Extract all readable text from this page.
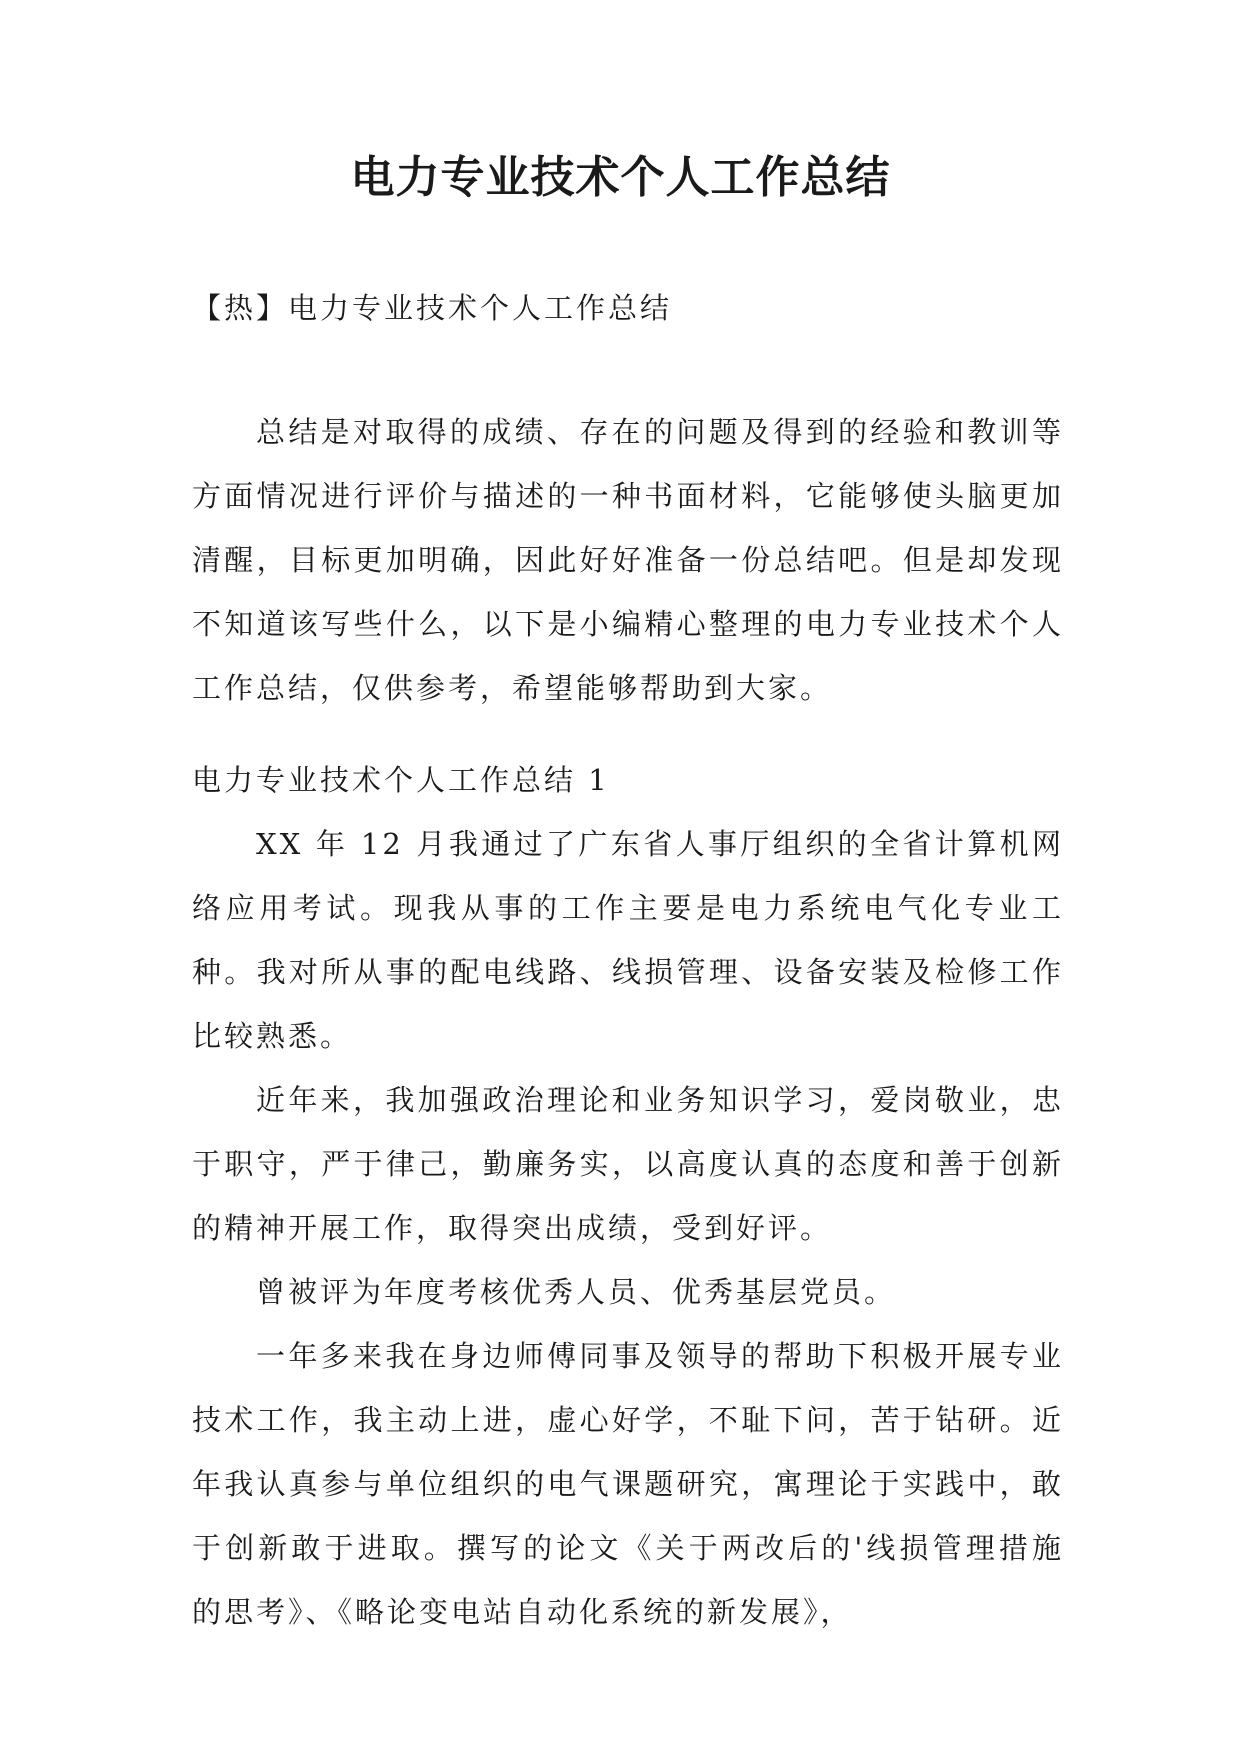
电力专业技术个人工作总结
【热】电力专业技术个人工作总结

总结是对取得的成绩、存在的问题及得到的经验和教训等方面情况进行评价与描述的一种书面材料，它能够使头脑更加清醒，目标更加明确，因此好好准备一份总结吧。但是却发现不知道该写些什么，以下是小编精心整理的电力专业技术个人工作总结，仅供参考，希望能够帮助到大家。

电力专业技术个人工作总结 1

XX 年 12 月我通过了广东省人事厅组织的全省计算机网络应用考试。现我从事的工作主要是电力系统电气化专业工种。我对所从事的配电线路、线损管理、设备安装及检修工作比较熟悉。

近年来，我加强政治理论和业务知识学习，爱岗敬业，忠于职守，严于律己，勤廉务实，以高度认真的态度和善于创新的精神开展工作，取得突出成绩，受到好评。

曾被评为年度考核优秀人员、优秀基层党员。

一年多来我在身边师傅同事及领导的帮助下积极开展专业技术工作，我主动上进，虚心好学，不耻下问，苦于钻研。近年我认真参与单位组织的电气课题研究，寓理论于实践中，敢于创新敢于进取。撰写的论文《关于两改后的'线损管理措施的思考》、《略论变电站自动化系统的新发展》，
